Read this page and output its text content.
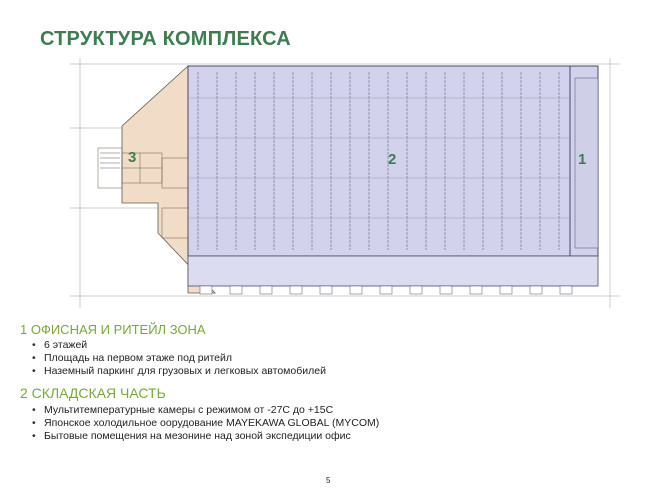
СТРУКТУРА КОМПЛЕКСА
3	2	1
1 ОФИСНАЯ И РИТЕЙЛ ЗОНА
• 6 этажей
• Площадь на первом этаже под ритейл
• Наземный паркинг для грузовых и легковых автомобилей
2 СКЛАДСКАЯ ЧАСТЬ
• Мультитемпературные камеры с режимом от -27С до +15С
• Японское холодильное оорудование MAYEKAWA GLOBAL (MYCOM)
• Бытовые помещения на мезонине над зоной экспедиции офис
5
